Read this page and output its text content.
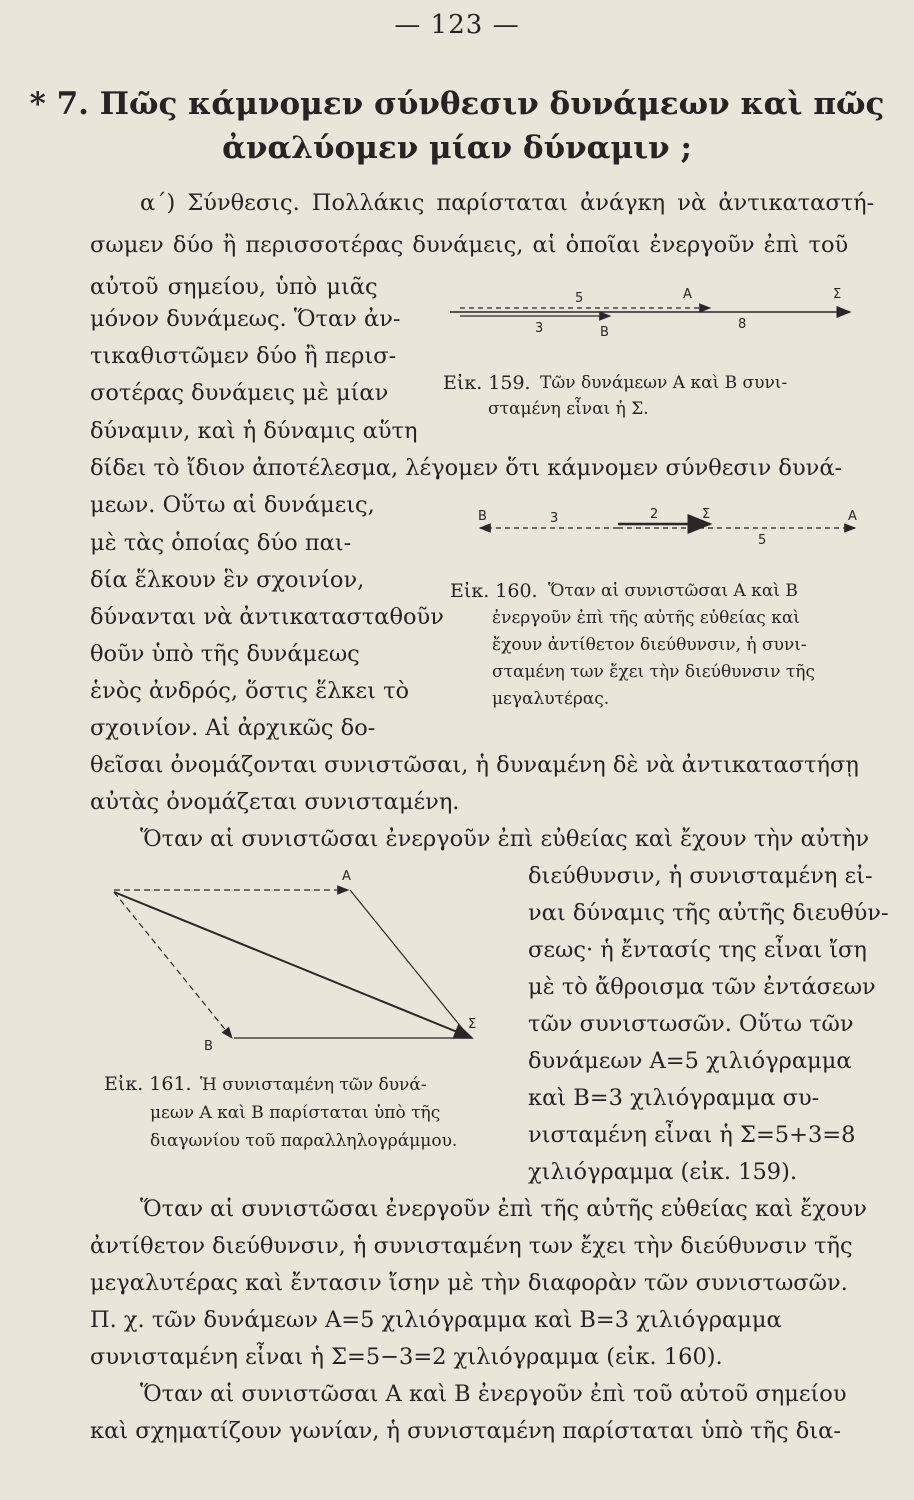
— 123 —
* 7. Πῶς κάμνομεν σύνθεσιν δυνάμεων καὶ πῶς
ἀναλύομεν μίαν δύναμιν ;
α΄) Σύνθεσις. Πολλάκις παρίσταται ἀνάγκη νὰ ἀντικαταστή-
σωμεν δύο ἢ περισσοτέρας δυνάμεις, αἱ ὁποῖαι ἐνεργοῦν ἐπὶ τοῦ
αὐτοῦ σημείου, ὑπὸ μιᾶς
μόνον δυνάμεως. Ὅταν ἀν-
τικαθιστῶμεν δύο ἢ περισ-
σοτέρας δυνάμεις μὲ μίαν
δύναμιν, καὶ ἡ δύναμις αὕτη
δίδει τὸ ἴδιον ἀποτέλεσμα, λέγομεν ὅτι κάμνομεν σύνθεσιν δυνά-
μεων. Οὕτω αἱ δυνάμεις,
μὲ τὰς ὁποίας δύο παι-
δία ἕλκουν ἓν σχοινίον,
δύνανται νὰ ἀντικατασταθοῦν
θοῦν ὑπὸ τῆς δυνάμεως
ἑνὸς ἀνδρός, ὅστις ἕλκει τὸ
σχοινίον. Αἱ ἀρχικῶς δο-
θεῖσαι ὀνομάζονται συνιστῶσαι, ἡ δυναμένη δὲ νὰ ἀντικαταστήσῃ
αὐτὰς ὀνομάζεται συνισταμένη.
Ὅταν αἱ συνιστῶσαι ἐνεργοῦν ἐπὶ εὐθείας καὶ ἔχουν τὴν αὐτὴν
διεύθυνσιν, ἡ συνισταμένη εἰ-
ναι δύναμις τῆς αὐτῆς διευθύν-
σεως· ἡ ἔντασίς της εἶναι ἴση
μὲ τὸ ἄθροισμα τῶν ἐντάσεων
τῶν συνιστωσῶν. Οὕτω τῶν
δυνάμεων Α=5 χιλιόγραμμα
καὶ Β=3 χιλιόγραμμα συ-
νισταμένη εἶναι ἡ Σ=5+3=8
χιλιόγραμμα (εἰκ. 159).
Ὅταν αἱ συνιστῶσαι ἐνεργοῦν ἐπὶ τῆς αὐτῆς εὐθείας καὶ ἔχουν
ἀντίθετον διεύθυνσιν, ἡ συνισταμένη των ἔχει τὴν διεύθυνσιν τῆς
μεγαλυτέρας καὶ ἔντασιν ἴσην μὲ τὴν διαφορὰν τῶν συνιστωσῶν.
Π. χ. τῶν δυνάμεων Α=5 χιλιόγραμμα καὶ Β=3 χιλιόγραμμα
συνισταμένη εἶναι ἡ Σ=5−3=2 χιλιόγραμμα (εἰκ. 160).
Ὅταν αἱ συνιστῶσαι Α καὶ Β ἐνεργοῦν ἐπὶ τοῦ αὐτοῦ σημείου
καὶ σχηματίζουν γωνίαν, ἡ συνισταμένη παρίσταται ὑπὸ τῆς δια-
5	A	Σ
3	B
8
Εἰκ. 159. Τῶν δυνάμεων Α καὶ Β συνι-
σταμένη εἶναι ἡ Σ.
B	3	2	Σ	A
5
Εἰκ. 160. Ὅταν αἱ συνιστῶσαι Α καὶ Β
ἐνεργοῦν ἐπὶ τῆς αὐτῆς εὐθείας καὶ
ἔχουν ἀντίθετον διεύθυνσιν, ἡ συνι-
σταμένη των ἔχει τὴν διεύθυνσιν τῆς
μεγαλυτέρας.
A
B
Σ
Εἰκ. 161. Ἡ συνισταμένη τῶν δυνά-
μεων Α καὶ Β παρίσταται ὑπὸ τῆς
διαγωνίου τοῦ παραλληλογράμμου.
